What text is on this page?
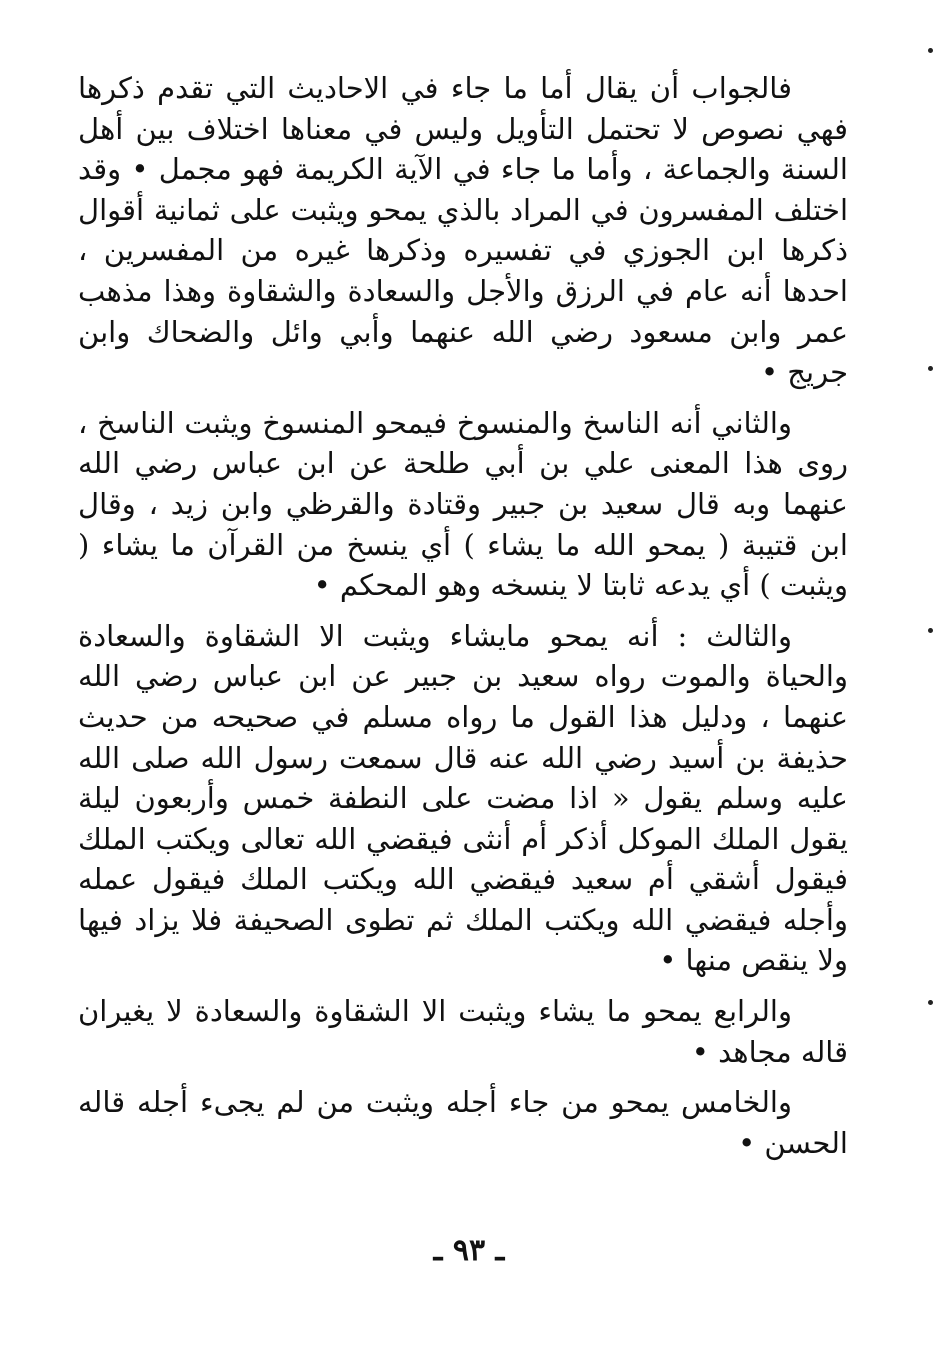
فالجواب أن يقال أما ما جاء في الاحاديث التي تقدم ذكرها فهي نصوص لا تحتمل التأويل وليس في معناها اختلاف بين أهل السنة والجماعة ، وأما ما جاء في الآية الكريمة فهو مجمل • وقد اختلف المفسرون في المراد بالذي يمحو ويثبت على ثمانية أقوال ذكرها ابن الجوزي في تفسيره وذكرها غيره من المفسرين ، احدها أنه عام في الرزق والأجل والسعادة والشقاوة وهذا مذهب عمر وابن مسعود رضي الله عنهما وأبي وائل والضحاك وابن جريج •

والثاني أنه الناسخ والمنسوخ فيمحو المنسوخ ويثبت الناسخ ، روى هذا المعنى علي بن أبي طلحة عن ابن عباس رضي الله عنهما وبه قال سعيد بن جبير وقتادة والقرظي وابن زيد ، وقال ابن قتيبة ( يمحو الله ما يشاء ) أي ينسخ من القرآن ما يشاء ( ويثبت ) أي يدعه ثابتا لا ينسخه وهو المحكم •

والثالث : أنه يمحو مايشاء ويثبت الا الشقاوة والسعادة والحياة والموت رواه سعيد بن جبير عن ابن عباس رضي الله عنهما ، ودليل هذا القول ما رواه مسلم في صحيحه من حديث حذيفة بن أسيد رضي الله عنه قال سمعت رسول الله صلى الله عليه وسلم يقول « اذا مضت على النطفة خمس وأربعون ليلة يقول الملك الموكل أذكر أم أنثى فيقضي الله تعالى ويكتب الملك فيقول أشقي أم سعيد فيقضي الله ويكتب الملك فيقول عمله وأجله فيقضي الله ويكتب الملك ثم تطوى الصحيفة فلا يزاد فيها ولا ينقص منها •

والرابع يمحو ما يشاء ويثبت الا الشقاوة والسعادة لا يغيران قاله مجاهد •

والخامس يمحو من جاء أجله ويثبت من لم يجىء أجله قاله الحسن •

ـ ٩٣ ـ
